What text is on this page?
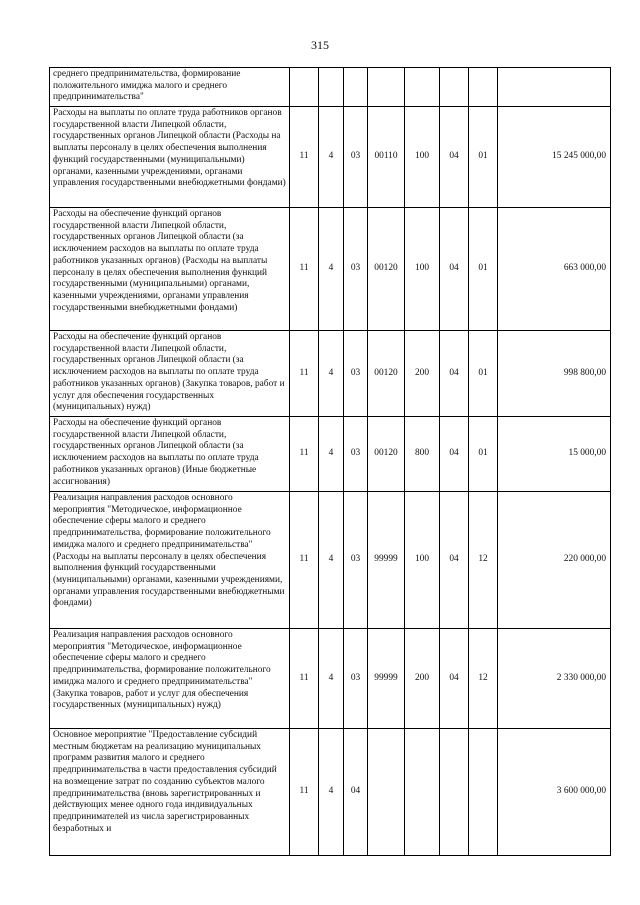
315
среднего предпринимательства, формирование положительного имиджа малого и среднего предпринимательства"								
Расходы на выплаты по оплате труда работников органов государственной власти Липецкой области, государственных органов Липецкой области (Расходы на выплаты персоналу в целях обеспечения выполнения функций государственными (муниципальными) органами, казенными учреждениями, органами управления государственными внебюджетными фондами)	11	4	03	00110	100	04	01	15 245 000,00
Расходы на обеспечение функций органов государственной власти Липецкой области, государственных органов Липецкой области (за исключением расходов на выплаты по оплате труда работников указанных органов) (Расходы на выплаты персоналу в целях обеспечения выполнения функций государственными (муниципальными) органами, казенными учреждениями, органами управления государственными внебюджетными фондами)	11	4	03	00120	100	04	01	663 000,00
Расходы на обеспечение функций органов государственной власти Липецкой области, государственных органов Липецкой области (за исключением расходов на выплаты по оплате труда работников указанных органов) (Закупка товаров, работ и услуг для обеспечения государственных (муниципальных) нужд)	11	4	03	00120	200	04	01	998 800,00
Расходы на обеспечение функций органов государственной власти Липецкой области, государственных органов Липецкой области (за исключением расходов на выплаты по оплате труда работников указанных органов) (Иные бюджетные ассигнования)	11	4	03	00120	800	04	01	15 000,00
Реализация направления расходов основного мероприятия "Методическое, информационное обеспечение сферы малого и среднего предпринимательства, формирование положительного имиджа малого и среднего предпринимательства" (Расходы на выплаты персоналу в целях обеспечения выполнения функций государственными (муниципальными) органами, казенными учреждениями, органами управления государственными внебюджетными фондами)	11	4	03	99999	100	04	12	220 000,00
Реализация направления расходов основного мероприятия "Методическое, информационное обеспечение сферы малого и среднего предпринимательства, формирование положительного имиджа малого и среднего предпринимательства" (Закупка товаров, работ и услуг для обеспечения государственных (муниципальных) нужд)	11	4	03	99999	200	04	12	2 330 000,00
Основное мероприятие "Предоставление субсидий местным бюджетам на реализацию муниципальных программ развития малого и среднего предпринимательства в части предоставления субсидий на возмещение затрат по созданию субъектов малого предпринимательства (вновь зарегистрированных и действующих менее одного года индивидуальных предпринимателей из числа зарегистрированных безработных и	11	4	04					3 600 000,00
